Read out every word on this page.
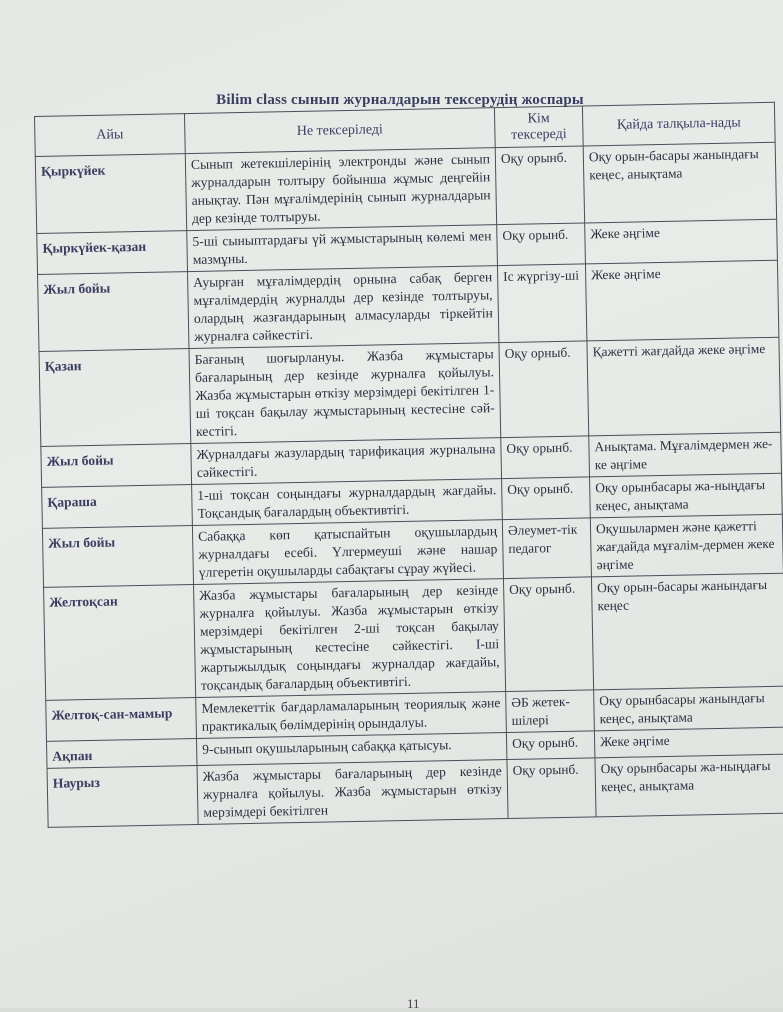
Bilim class сынып журналдарын тексерудің жоспары
Айы	Не тексеріледі	Кім тексереді	Қайда талқыла-нады
Қыркүйек	Сынып жетекшілерінің электронды және сынып журналдарын толтыру бойынша жұмыс деңгейін анықтау. Пән мұғалімдерінің сынып журналдарын дер кезінде толтыруы.	Оқу орынб.	Оқу орын-басары жанындағы кеңес, анықтама
Қыркүйек-қазан	5-ші сыныптардағы үй жұмыстарының көлемі мен мазмұны.	Оқу орынб.	Жеке әңгіме
Жыл бойы	Ауырған мұғалімдердің орнына сабақ берген мұғалімдердің журналды дер кезінде толтыруы, олардың жазғандарының алмасуларды тіркейтін журналға сәйкестігі.	Іс жүргізу-ші	Жеке әңгіме
Қазан	Бағаның шоғырлануы. Жазба жұмыстары бағаларының дер кезінде журналға қойылуы. Жазба жұмыстарын өткізу мерзімдері бекітілген 1-ші тоқсан бақылау жұмыстарының кестесіне сәй-кестігі.	Оқу орныб.	Қажетті жағдайда жеке әңгіме
Жыл бойы	Журналдағы жазулардың тарификация журналына сәйкестігі.	Оқу орынб.	Анықтама. Мұғалімдермен же-ке әңгіме
Қараша	1-ші тоқсан соңындағы журналдардың жағдайы. Тоқсандық бағалардың объективтігі.	Оқу орынб.	Оқу орынбасары жа-ныңдағы кеңес, анықтама
Жыл бойы	Сабаққа көп қатыспайтын оқушылардың журналдағы есебі. Үлгермеуші және нашар үлгеретін оқушыларды сабақтағы сұрау жүйесі.	Әлеумет-тік педагог	Оқушылармен және қажетті жағдайда мұғалім-дермен жеке әңгіме
Желтоқсан	Жазба жұмыстары бағаларының дер кезінде журналға қойылуы. Жазба жұмыстарын өткізу мерзімдері бекітілген 2-ші тоқсан бақылау жұмыстарының кестесіне сәйкестігі. І-ші жартыжылдық соңындағы журналдар жағдайы, тоқсандық бағалардың объективтігі.	Оқу орынб.	Оқу орын-басары жанындағы кеңес
Желтоқ-сан-мамыр	Мемлекеттік бағдарламаларының теориялық және практикалық бөлімдерінің орындалуы.	ӘБ жетек-шілері	Оқу орынбасары жанындағы кеңес, анықтама
Ақпан	9-сынып оқушыларының сабаққа қатысуы.	Оқу орынб.	Жеке әңгіме
Наурыз	Жазба жұмыстары бағаларының дер кезінде журналға қойылуы. Жазба жұмыстарын өткізу мерзімдері бекітілген	Оқу орынб.	Оқу орынбасары жа-ныңдағы кеңес, анықтама
11
